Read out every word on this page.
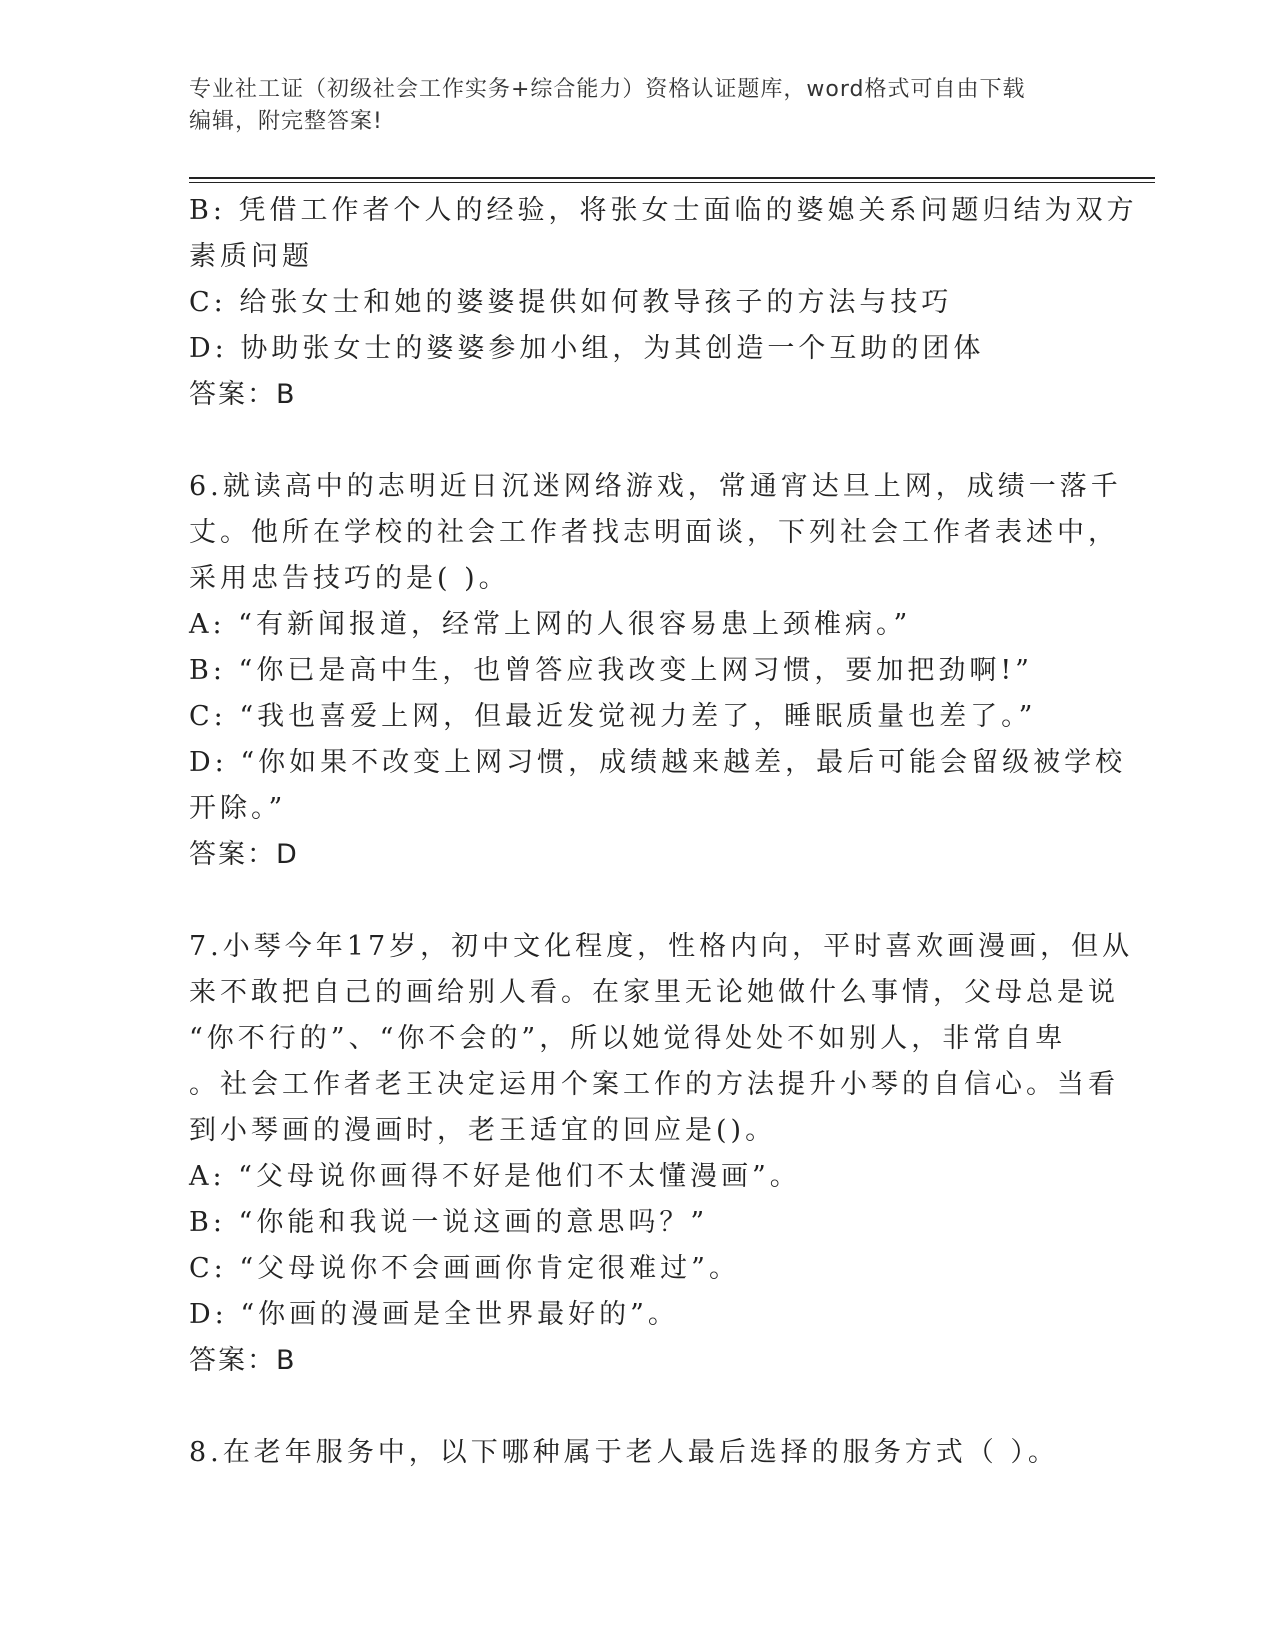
专业社工证（初级社会工作实务+综合能力）资格认证题库，word格式可自由下载
编辑，附完整答案!
B: 凭借工作者个人的经验，将张女士面临的婆媳关系问题归结为双方
素质问题
C: 给张女士和她的婆婆提供如何教导孩子的方法与技巧
D: 协助张女士的婆婆参加小组，为其创造一个互助的团体
答案：B
6.就读高中的志明近日沉迷网络游戏，常通宵达旦上网，成绩一落千
丈。他所在学校的社会工作者找志明面谈，下列社会工作者表述中，
采用忠告技巧的是( )。
A: “有新闻报道，经常上网的人很容易患上颈椎病。”
B: “你已是高中生，也曾答应我改变上网习惯，要加把劲啊!”
C: “我也喜爱上网，但最近发觉视力差了，睡眠质量也差了。”
D: “你如果不改变上网习惯，成绩越来越差，最后可能会留级被学校
开除。”
答案：D
7.小琴今年17岁，初中文化程度，性格内向，平时喜欢画漫画，但从
来不敢把自己的画给别人看。在家里无论她做什么事情，父母总是说
“你不行的”、“你不会的”，所以她觉得处处不如别人，非常自卑
。社会工作者老王决定运用个案工作的方法提升小琴的自信心。当看
到小琴画的漫画时，老王适宜的回应是()。
A: “父母说你画得不好是他们不太懂漫画”。
B: “你能和我说一说这画的意思吗？”
C: “父母说你不会画画你肯定很难过”。
D: “你画的漫画是全世界最好的”。
答案：B
8.在老年服务中，以下哪种属于老人最后选择的服务方式（ ）。
